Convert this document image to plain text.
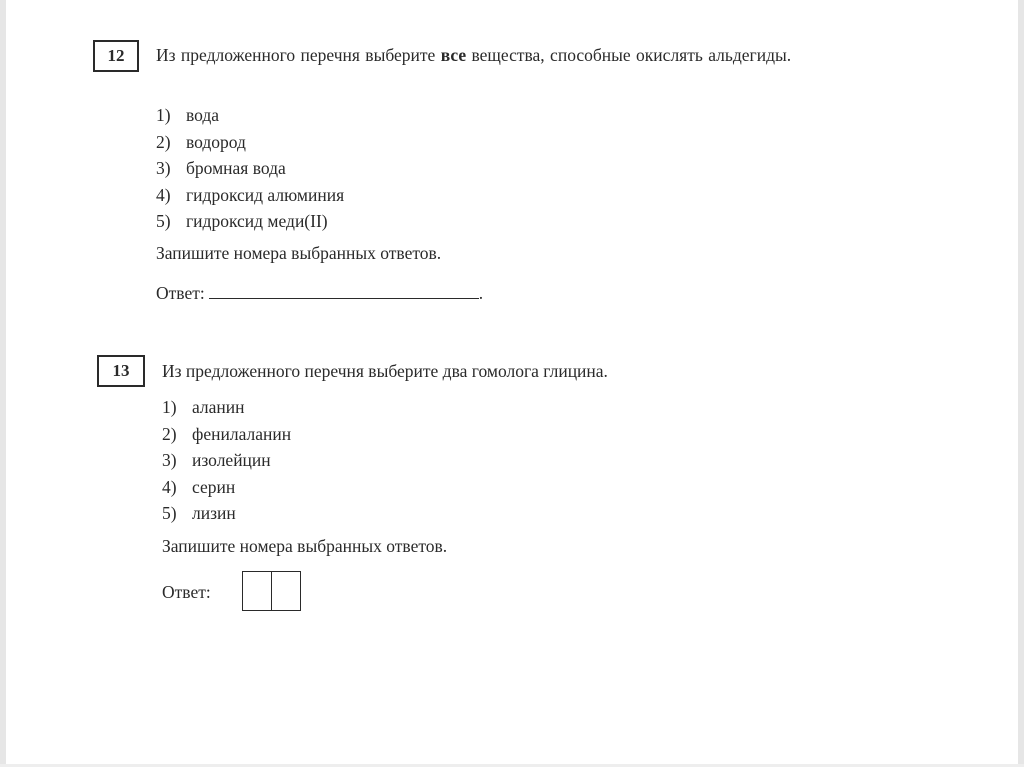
12	Из предложенного перечня выберите все вещества, способные окислять альдегиды.
1) вода
2) водород
3) бромная вода
4) гидроксид алюминия
5) гидроксид меди(II)
Запишите номера выбранных ответов.
Ответ:	.
13	Из предложенного перечня выберите два гомолога глицина.
1) аланин
2) фенилаланин
3) изолейцин
4) серин
5) лизин
Запишите номера выбранных ответов.
Ответ:
